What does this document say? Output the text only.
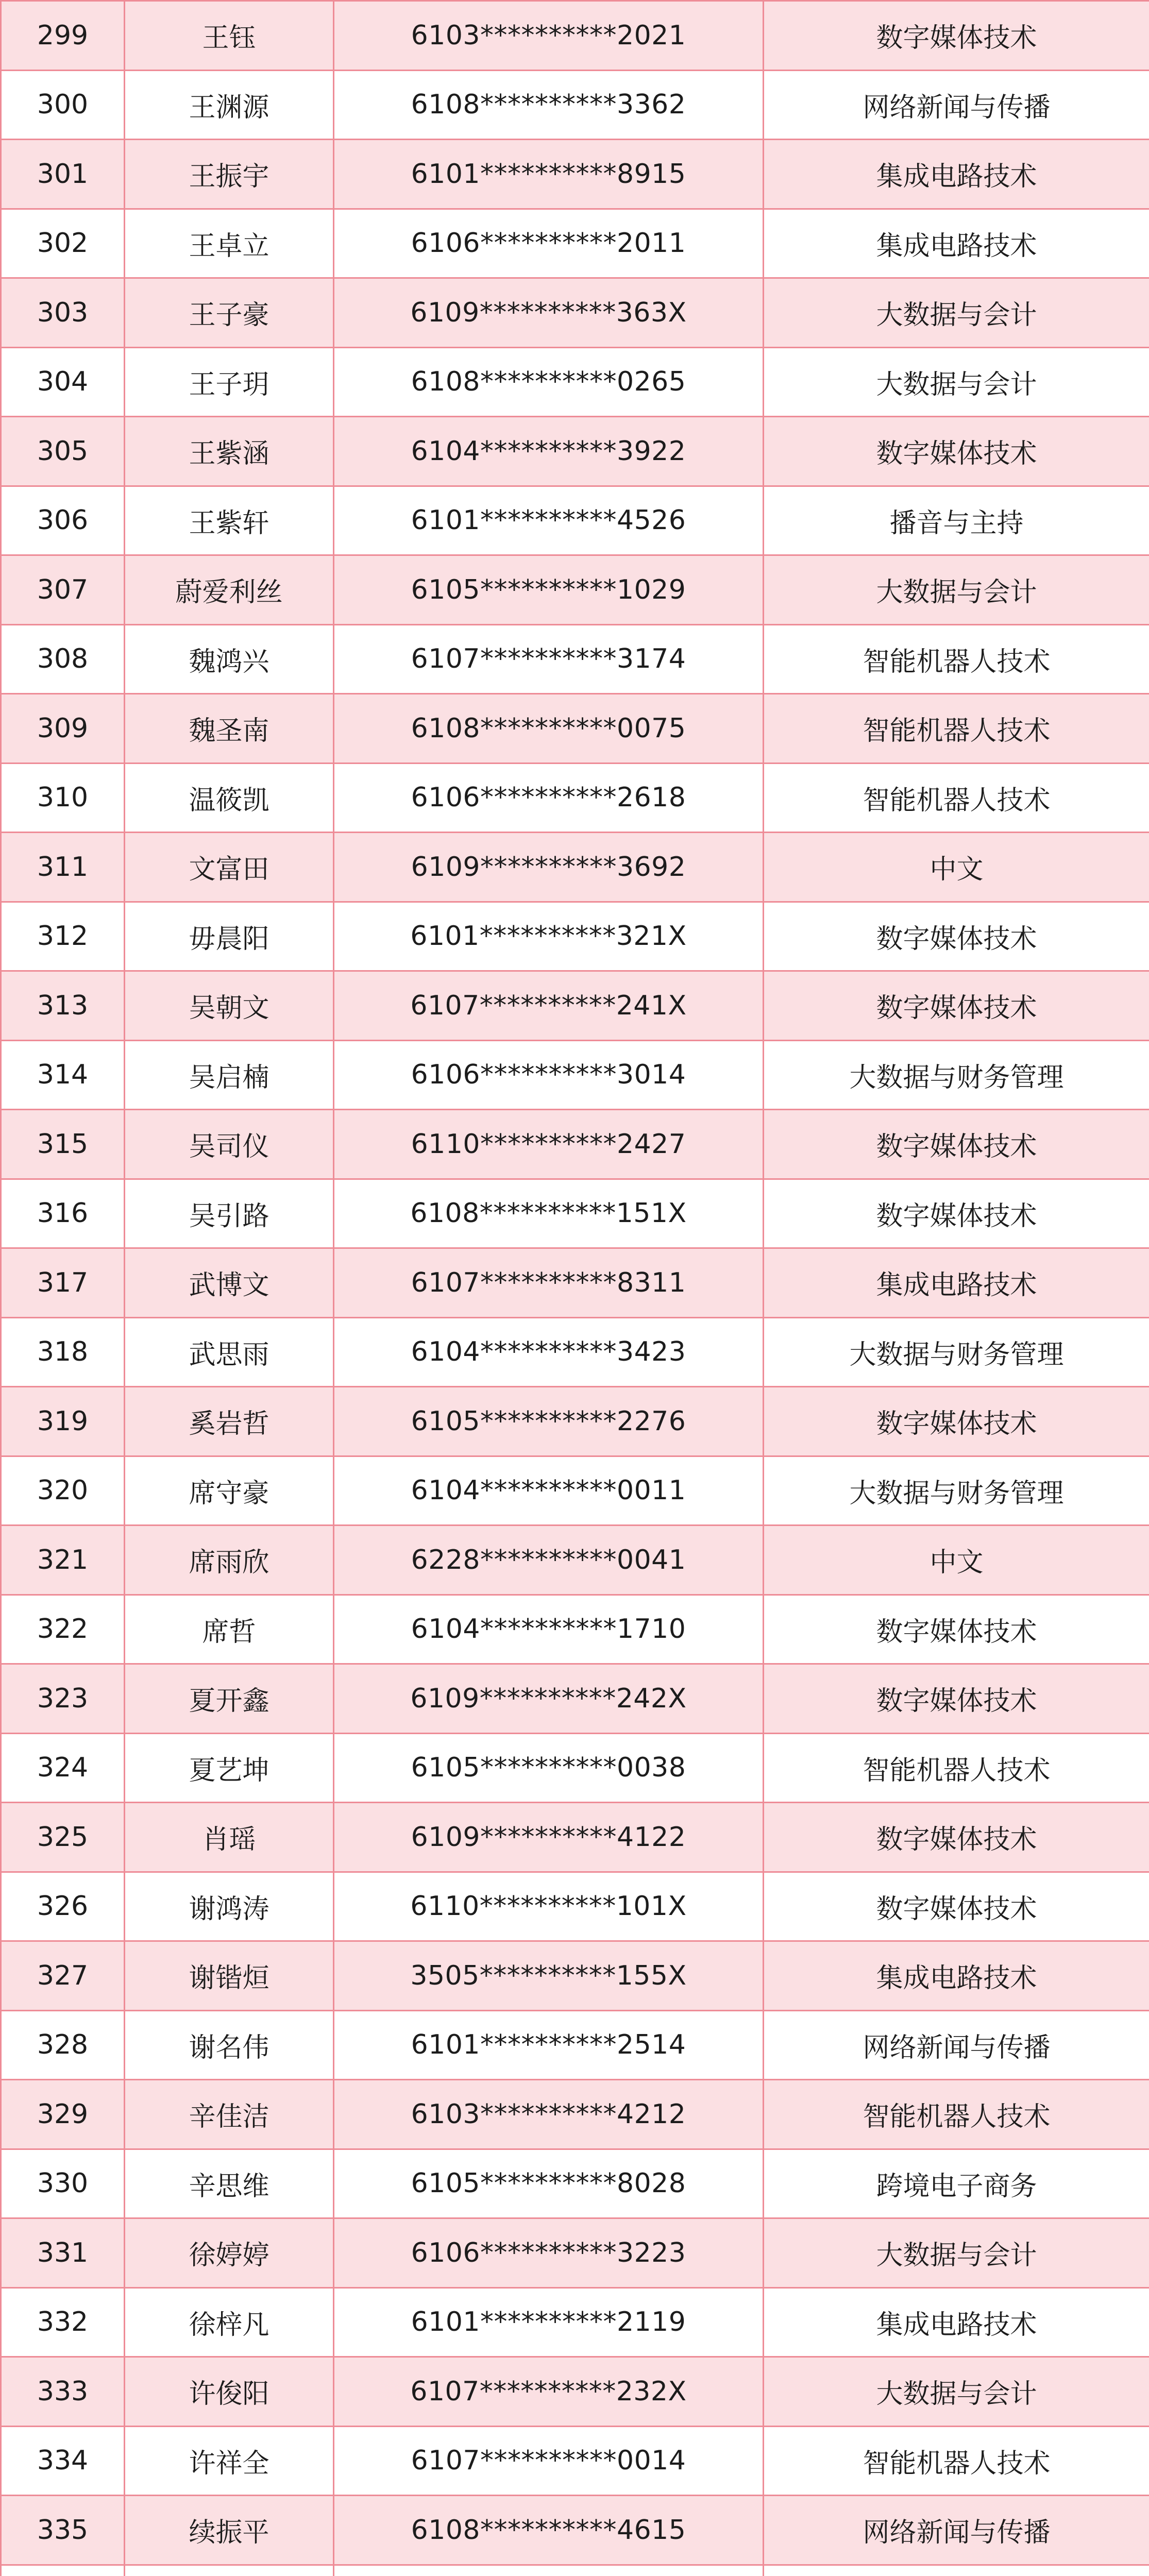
299	王钰	6103**********2021	数字媒体技术
300	王渊源	6108**********3362	网络新闻与传播
301	王振宇	6101**********8915	集成电路技术
302	王卓立	6106**********2011	集成电路技术
303	王子豪	6109**********363X	大数据与会计
304	王子玥	6108**********0265	大数据与会计
305	王紫涵	6104**********3922	数字媒体技术
306	王紫轩	6101**********4526	播音与主持
307	蔚爱利丝	6105**********1029	大数据与会计
308	魏鸿兴	6107**********3174	智能机器人技术
309	魏圣南	6108**********0075	智能机器人技术
310	温筱凯	6106**********2618	智能机器人技术
311	文富田	6109**********3692	中文
312	毋晨阳	6101**********321X	数字媒体技术
313	吴朝文	6107**********241X	数字媒体技术
314	吴启楠	6106**********3014	大数据与财务管理
315	吴司仪	6110**********2427	数字媒体技术
316	吴引路	6108**********151X	数字媒体技术
317	武博文	6107**********8311	集成电路技术
318	武思雨	6104**********3423	大数据与财务管理
319	奚岩哲	6105**********2276	数字媒体技术
320	席守豪	6104**********0011	大数据与财务管理
321	席雨欣	6228**********0041	中文
322	席哲	6104**********1710	数字媒体技术
323	夏开鑫	6109**********242X	数字媒体技术
324	夏艺坤	6105**********0038	智能机器人技术
325	肖瑶	6109**********4122	数字媒体技术
326	谢鸿涛	6110**********101X	数字媒体技术
327	谢锴烜	3505**********155X	集成电路技术
328	谢名伟	6101**********2514	网络新闻与传播
329	辛佳洁	6103**********4212	智能机器人技术
330	辛思维	6105**********8028	跨境电子商务
331	徐婷婷	6106**********3223	大数据与会计
332	徐梓凡	6101**********2119	集成电路技术
333	许俊阳	6107**********232X	大数据与会计
334	许祥全	6107**********0014	智能机器人技术
335	续振平	6108**********4615	网络新闻与传播
